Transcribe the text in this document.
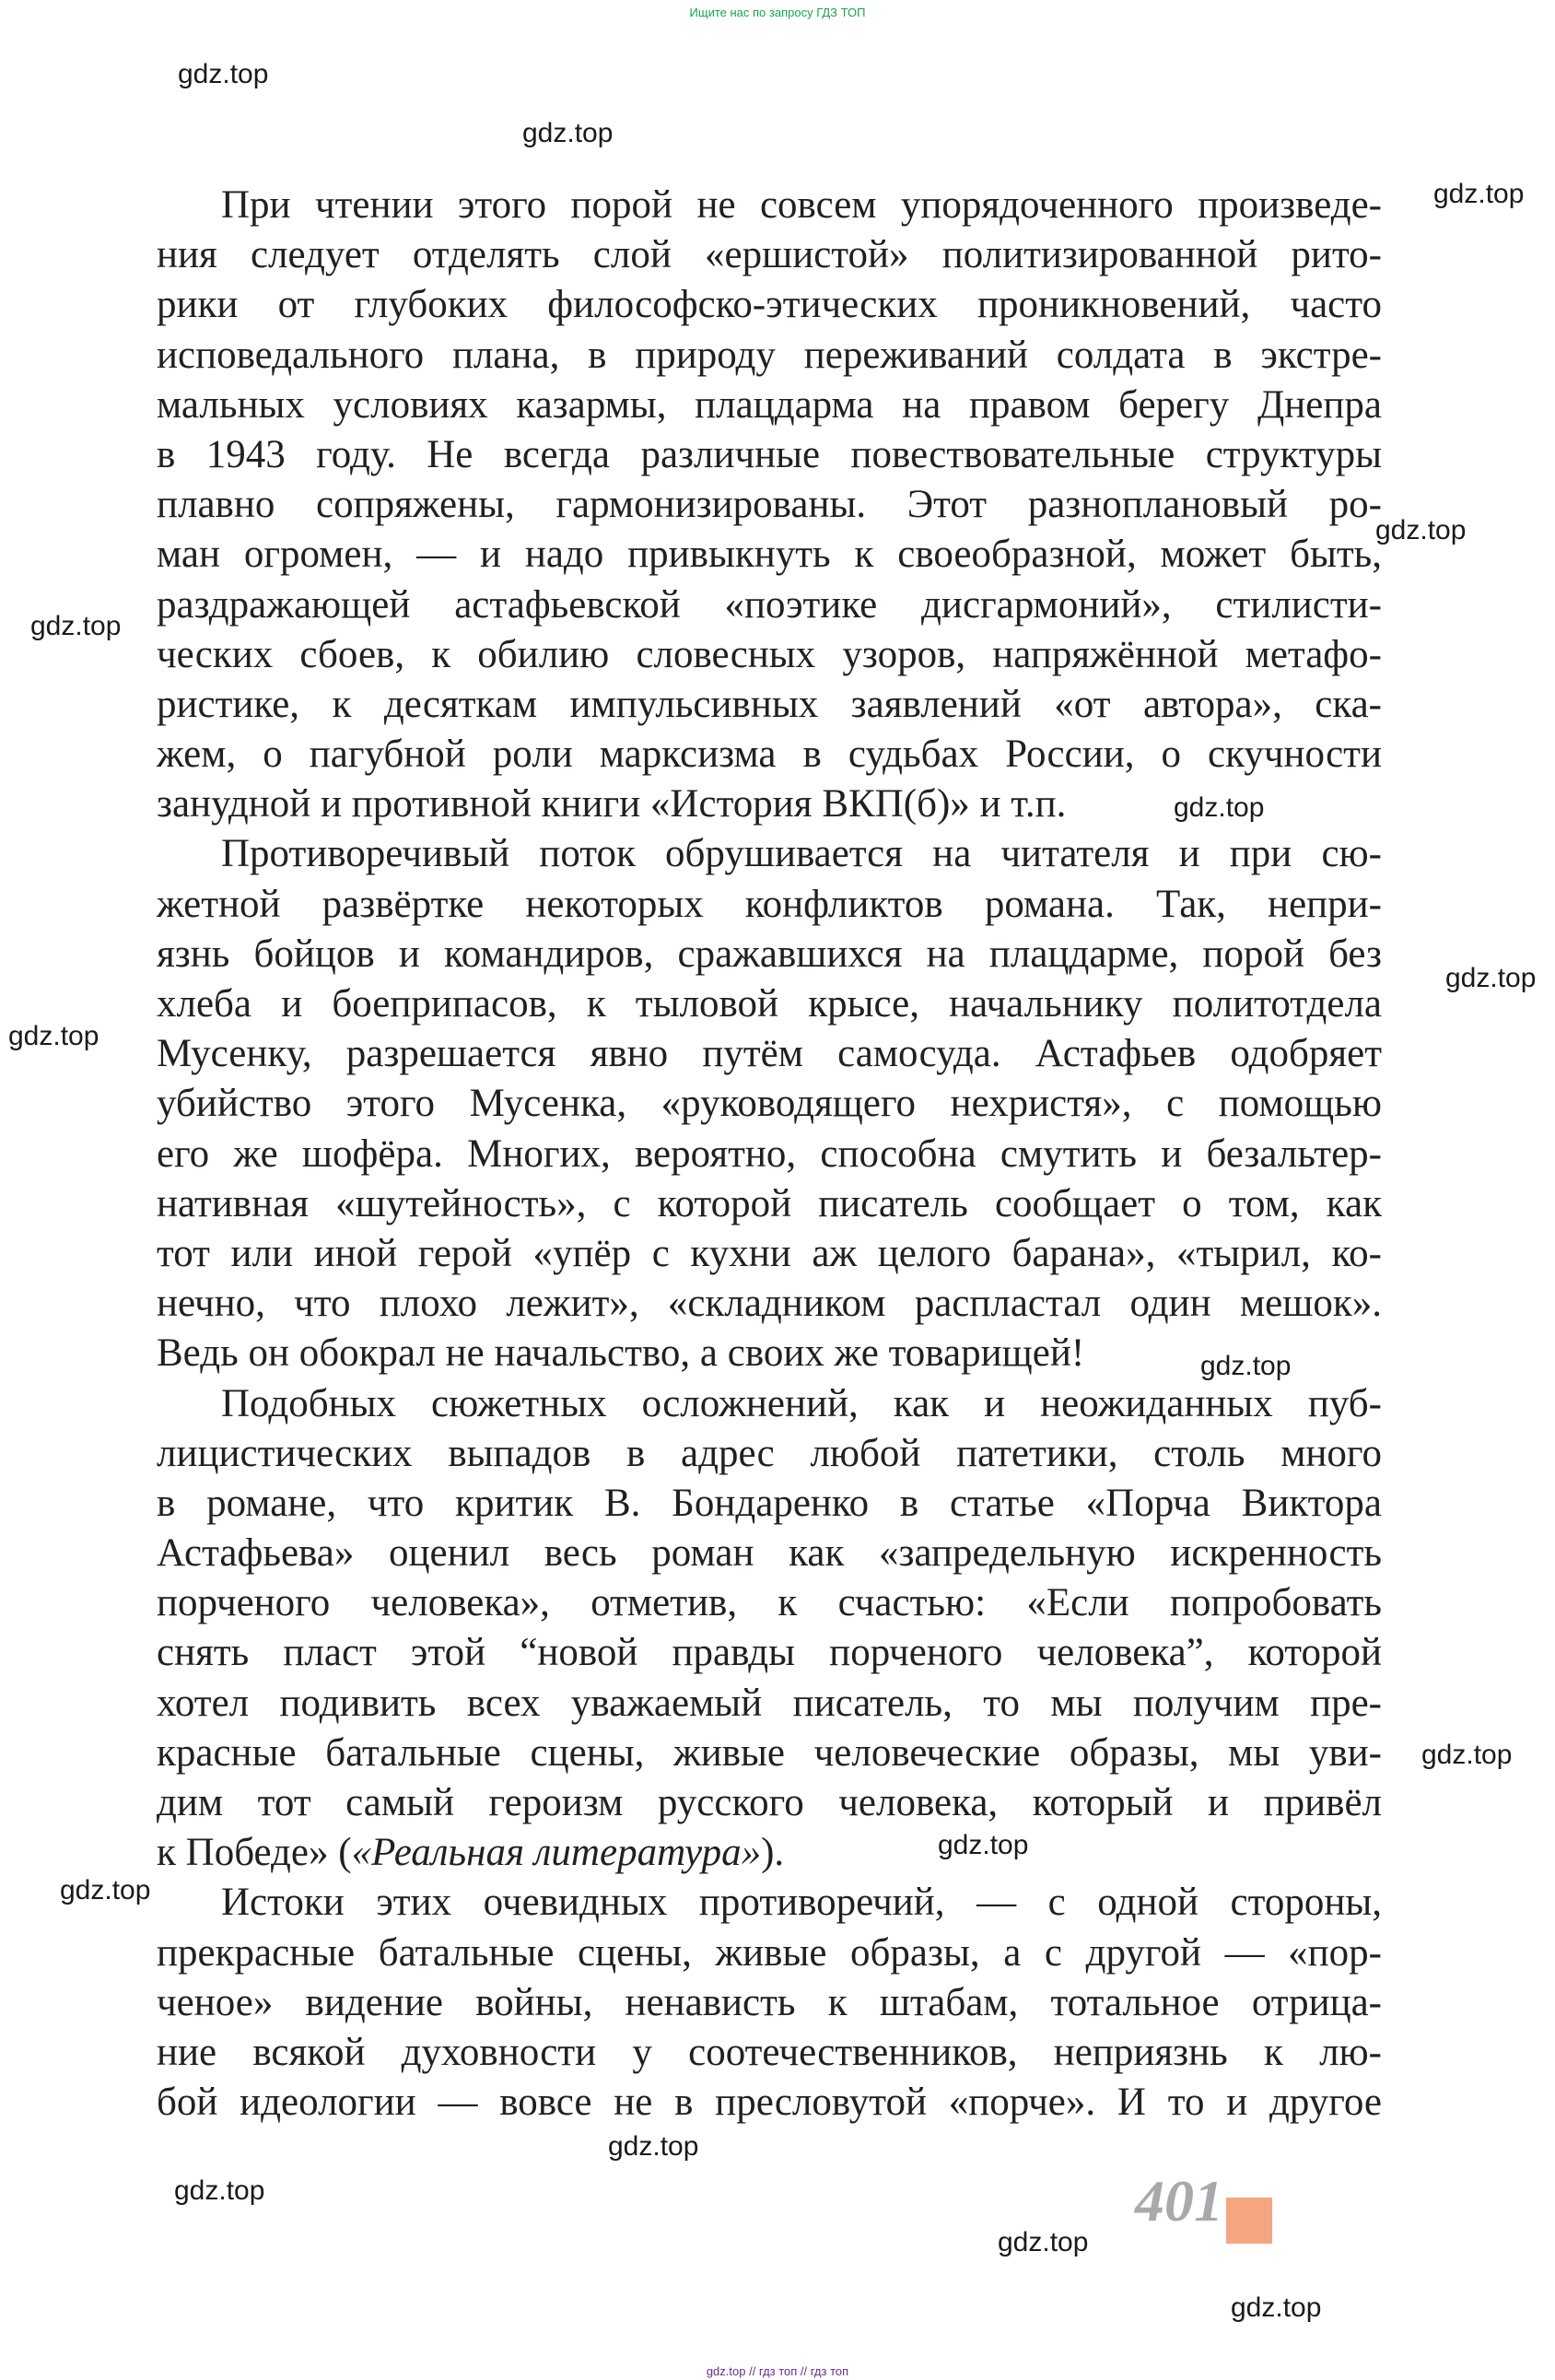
Ищите нас по запросу ГДЗ ТОП
gdz.top
gdz.top
gdz.top
gdz.top
gdz.top
gdz.top
gdz.top
gdz.top
gdz.top
gdz.top
gdz.top
gdz.top
gdz.top
gdz.top
gdz.top
gdz.top
При чтении этого порой не совсем упорядоченного произведе-
ния следует отделять слой «ершистой» политизированной рито-
рики от глубоких философско-этических проникновений, часто
исповедального плана, в природу переживаний солдата в экстре-
мальных условиях казармы, плацдарма на правом берегу Днепра
в 1943 году. Не всегда различные повествовательные структуры
плавно сопряжены, гармонизированы. Этот разноплановый ро-
ман огромен, — и надо привыкнуть к своеобразной, может быть,
раздражающей астафьевской «поэтике дисгармоний», стилисти-
ческих сбоев, к обилию словесных узоров, напряжённой метафо-
ристике, к десяткам импульсивных заявлений «от автора», ска-
жем, о пагубной роли марксизма в судьбах России, о скучности
занудной и противной книги «История ВКП(б)» и т.п.
Противоречивый поток обрушивается на читателя и при сю-
жетной развёртке некоторых конфликтов романа. Так, непри-
язнь бойцов и командиров, сражавшихся на плацдарме, порой без
хлеба и боеприпасов, к тыловой крысе, начальнику политотдела
Мусенку, разрешается явно путём самосуда. Астафьев одобряет
убийство этого Мусенка, «руководящего нехристя», с помощью
его же шофёра. Многих, вероятно, способна смутить и безальтер-
нативная «шутейность», с которой писатель сообщает о том, как
тот или иной герой «упёр с кухни аж целого барана», «тырил, ко-
нечно, что плохо лежит», «складником распластал один мешок».
Ведь он обокрал не начальство, а своих же товарищей!
Подобных сюжетных осложнений, как и неожиданных пуб-
лицистических выпадов в адрес любой патетики, столь много
в романе, что критик В. Бондаренко в статье «Порча Виктора
Астафьева» оценил весь роман как «запредельную искренность
порченого человека», отметив, к счастью: «Если попробовать
снять пласт этой “новой правды порченого человека”, которой
хотел подивить всех уважаемый писатель, то мы получим пре-
красные батальные сцены, живые человеческие образы, мы уви-
дим тот самый героизм русского человека, который и привёл
к Победе» («Реальная литература»).
Истоки этих очевидных противоречий, — с одной стороны,
прекрасные батальные сцены, живые образы, а с другой — «пор-
ченое» видение войны, ненависть к штабам, тотальное отрица-
ние всякой духовности у соотечественников, неприязнь к лю-
бой идеологии — вовсе не в пресловутой «порче». И то и другое
401
gdz.top // гдз топ // гдз топ
